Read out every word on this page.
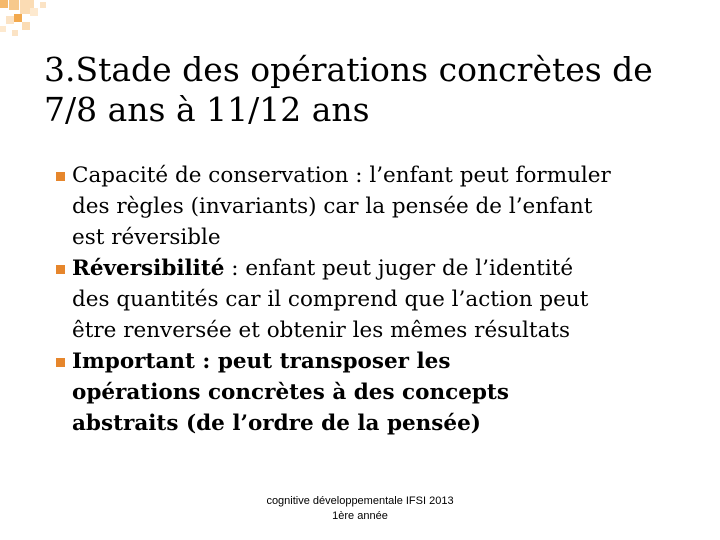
3.Stade des opérations concrètes de
7/8 ans à 11/12 ans
Capacité de conservation : l’enfant peut formuler
des règles (invariants) car la pensée de l’enfant
est réversible
Réversibilité : enfant peut juger de l’identité
des quantités car il comprend que l’action peut
être renversée et obtenir les mêmes résultats
Important : peut transposer les
opérations concrètes à des concepts
abstraits (de l’ordre de la pensée)
cognitive développementale IFSI 2013
1ère année
